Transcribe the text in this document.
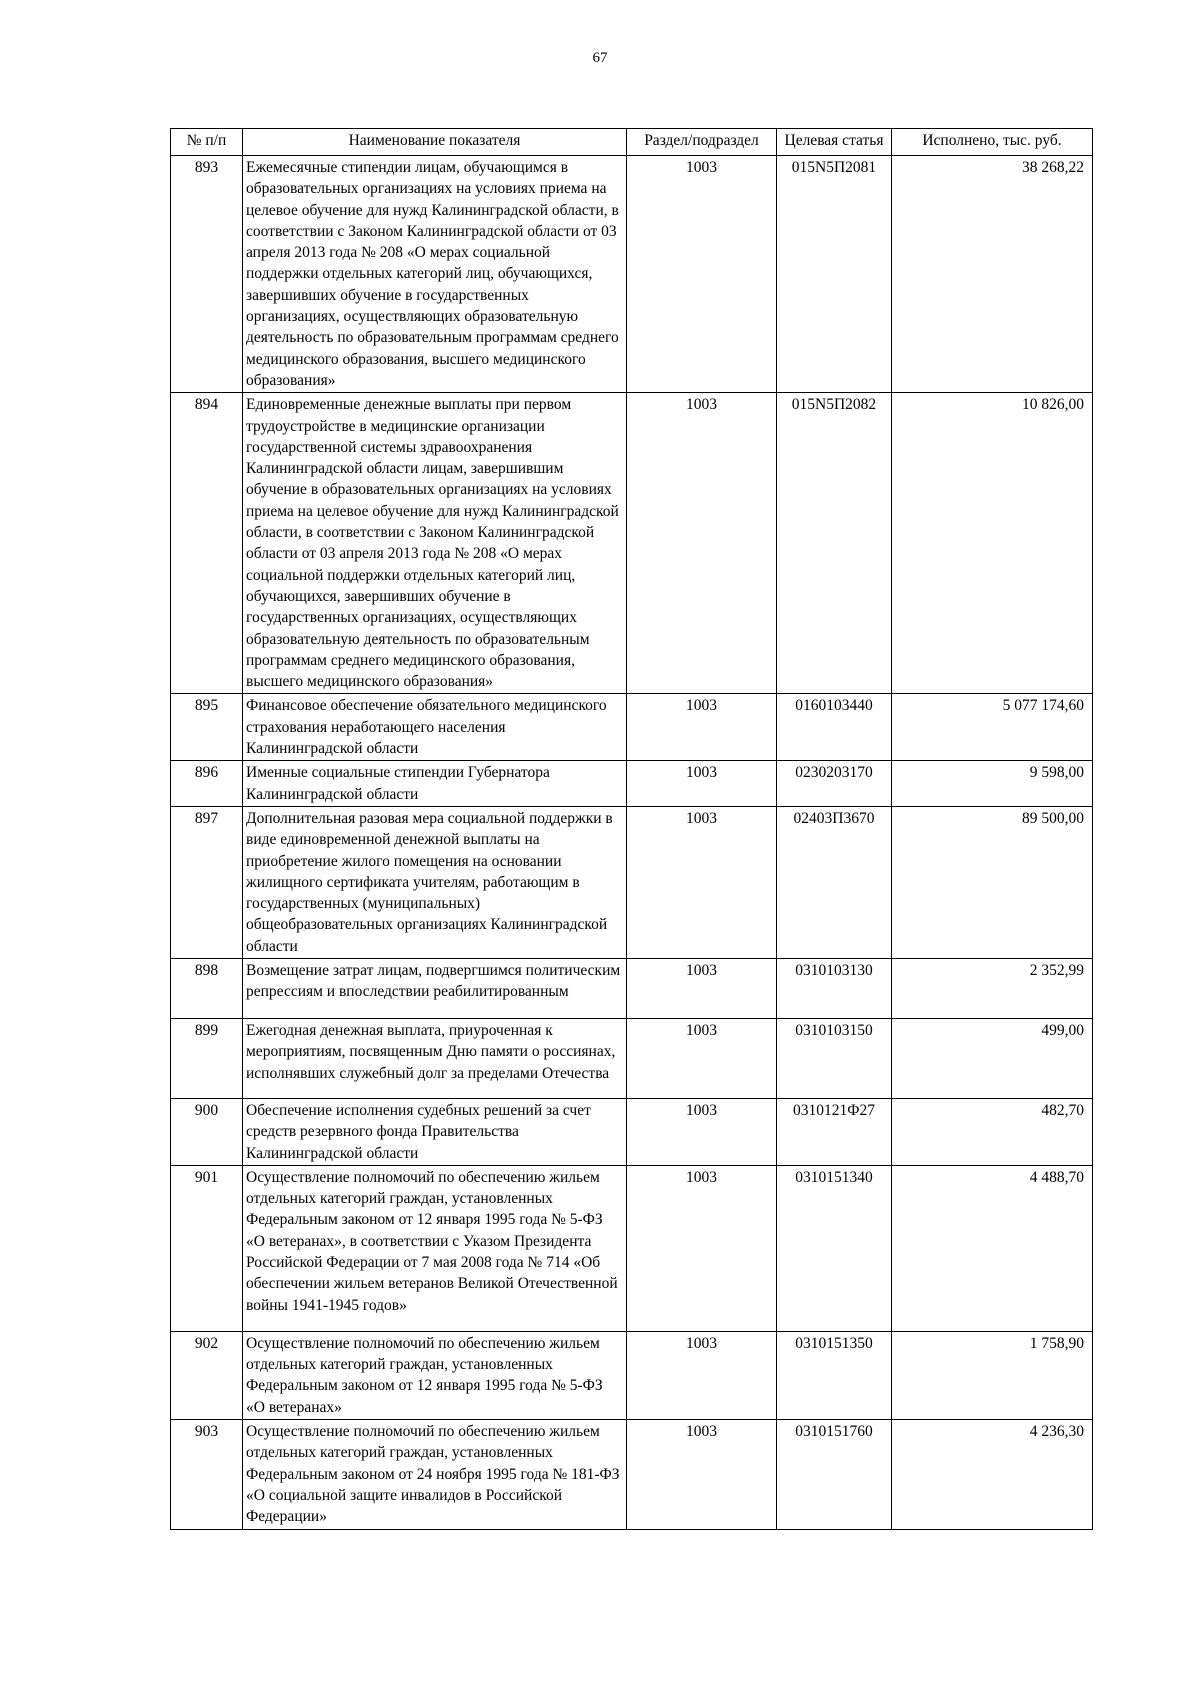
67
№ п/п	Наименование показателя	Раздел/подраздел	Целевая статья	Исполнено, тыс. руб.
893	Ежемесячные стипендии лицам, обучающимся в образовательных организациях на условиях приема на целевое обучение для нужд Калининградской области, в соответствии с Законом Калининградской области от 03 апреля 2013 года № 208 «О мерах социальной поддержки отдельных категорий лиц, обучающихся, завершивших обучение в государственных организациях, осуществляющих образовательную деятельность по образовательным программам среднего медицинского образования, высшего медицинского образования»	1003	015N5П2081	38 268,22
894	Единовременные денежные выплаты при первом трудоустройстве в медицинские организации государственной системы здравоохранения Калининградской области лицам, завершившим обучение в образовательных организациях на условиях приема на целевое обучение для нужд Калининградской области, в соответствии с Законом Калининградской области от 03 апреля 2013 года № 208 «О мерах социальной поддержки отдельных категорий лиц, обучающихся, завершивших обучение в государственных организациях, осуществляющих образовательную деятельность по образовательным программам среднего медицинского образования, высшего медицинского образования»	1003	015N5П2082	10 826,00
895	Финансовое обеспечение обязательного медицинского страхования неработающего населения Калининградской области	1003	0160103440	5 077 174,60
896	Именные социальные стипендии Губернатора Калининградской области	1003	0230203170	9 598,00
897	Дополнительная разовая мера социальной поддержки в виде единовременной денежной выплаты на приобретение жилого помещения на основании жилищного сертификата учителям, работающим в государственных (муниципальных) общеобразовательных организациях Калининградской области	1003	02403П3670	89 500,00
898	Возмещение затрат лицам, подвергшимся политическим репрессиям и впоследствии реабилитированным	1003	0310103130	2 352,99
899	Ежегодная денежная выплата, приуроченная к мероприятиям, посвященным Дню памяти о россиянах, исполнявших служебный долг за пределами Отечества	1003	0310103150	499,00
900	Обеспечение исполнения судебных решений за счет средств резервного фонда Правительства Калининградской области	1003	0310121Ф27	482,70
901	Осуществление полномочий по обеспечению жильем отдельных категорий граждан, установленных Федеральным законом от 12 января 1995 года № 5-ФЗ «О ветеранах», в соответствии с Указом Президента Российской Федерации от 7 мая 2008 года № 714 «Об обеспечении жильем ветеранов Великой Отечественной войны 1941-1945 годов»	1003	0310151340	4 488,70
902	Осуществление полномочий по обеспечению жильем отдельных категорий граждан, установленных Федеральным законом от 12 января 1995 года № 5-ФЗ «О ветеранах»	1003	0310151350	1 758,90
903	Осуществление полномочий по обеспечению жильем отдельных категорий граждан, установленных Федеральным законом от 24 ноября 1995 года № 181-ФЗ «О социальной защите инвалидов в Российской Федерации»	1003	0310151760	4 236,30
